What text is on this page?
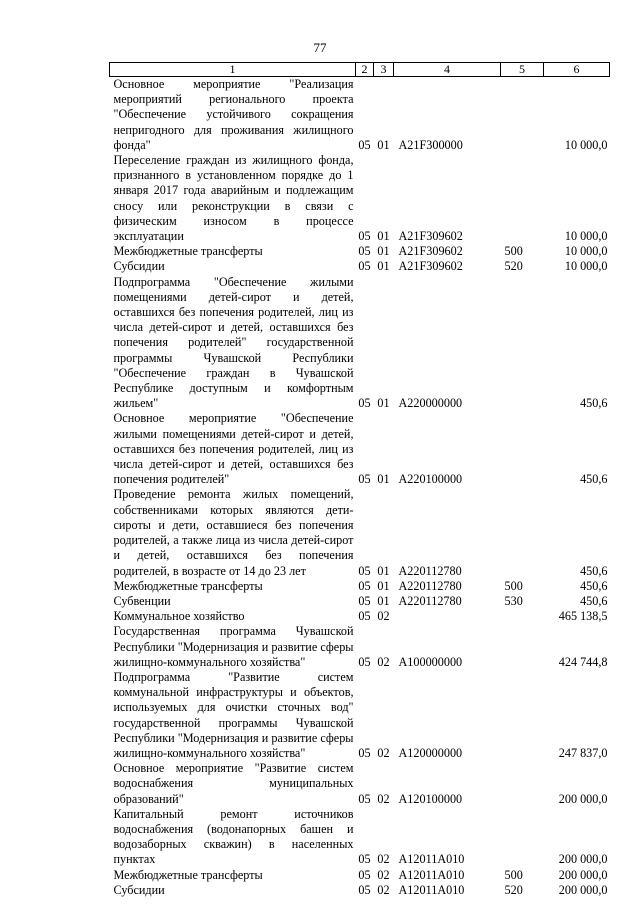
77
1	2	3	4	5	6
Основное мероприятие "Реализация мероприятий регионального проекта "Обеспечение устойчивого сокращения непригодного для проживания жилищного фонда"	05	01	A21F300000		10 000,0
Переселение граждан из жилищного фонда, признанного в установленном порядке до 1 января 2017 года аварийным и подлежащим сносу или реконструкции в связи с физическим износом в процессе эксплуатации	05	01	A21F309602		10 000,0
Межбюджетные трансферты	05	01	A21F309602	500	10 000,0
Субсидии	05	01	A21F309602	520	10 000,0
Подпрограмма "Обеспечение жилыми помещениями детей-сирот и детей, оставшихся без попечения родителей, лиц из числа детей-сирот и детей, оставшихся без попечения родителей" государственной программы Чувашской Республики "Обеспечение граждан в Чувашской Республике доступным и комфортным жильем"	05	01	A220000000		450,6
Основное мероприятие "Обеспечение жилыми помещениями детей-сирот и детей, оставшихся без попечения родителей, лиц из числа детей-сирот и детей, оставшихся без попечения родителей"	05	01	A220100000		450,6
Проведение ремонта жилых помещений, собственниками которых являются дети-сироты и дети, оставшиеся без попечения родителей, а также лица из числа детей-сирот и детей, оставшихся без попечения родителей, в возрасте от 14 до 23 лет	05	01	A220112780		450,6
Межбюджетные трансферты	05	01	A220112780	500	450,6
Субвенции	05	01	A220112780	530	450,6
Коммунальное хозяйство	05	02			465 138,5
Государственная программа Чувашской Республики "Модернизация и развитие сферы жилищно-коммунального хозяйства"	05	02	A100000000		424 744,8
Подпрограмма "Развитие систем коммунальной инфраструктуры и объектов, используемых для очистки сточных вод" государственной программы Чувашской Республики "Модернизация и развитие сферы жилищно-коммунального хозяйства"	05	02	A120000000		247 837,0
Основное мероприятие "Развитие систем водоснабжения муниципальных образований"	05	02	A120100000		200 000,0
Капитальный ремонт источников водоснабжения (водонапорных башен и водозаборных скважин) в населенных пунктах	05	02	A12011A010		200 000,0
Межбюджетные трансферты	05	02	A12011A010	500	200 000,0
Субсидии	05	02	A12011A010	520	200 000,0
